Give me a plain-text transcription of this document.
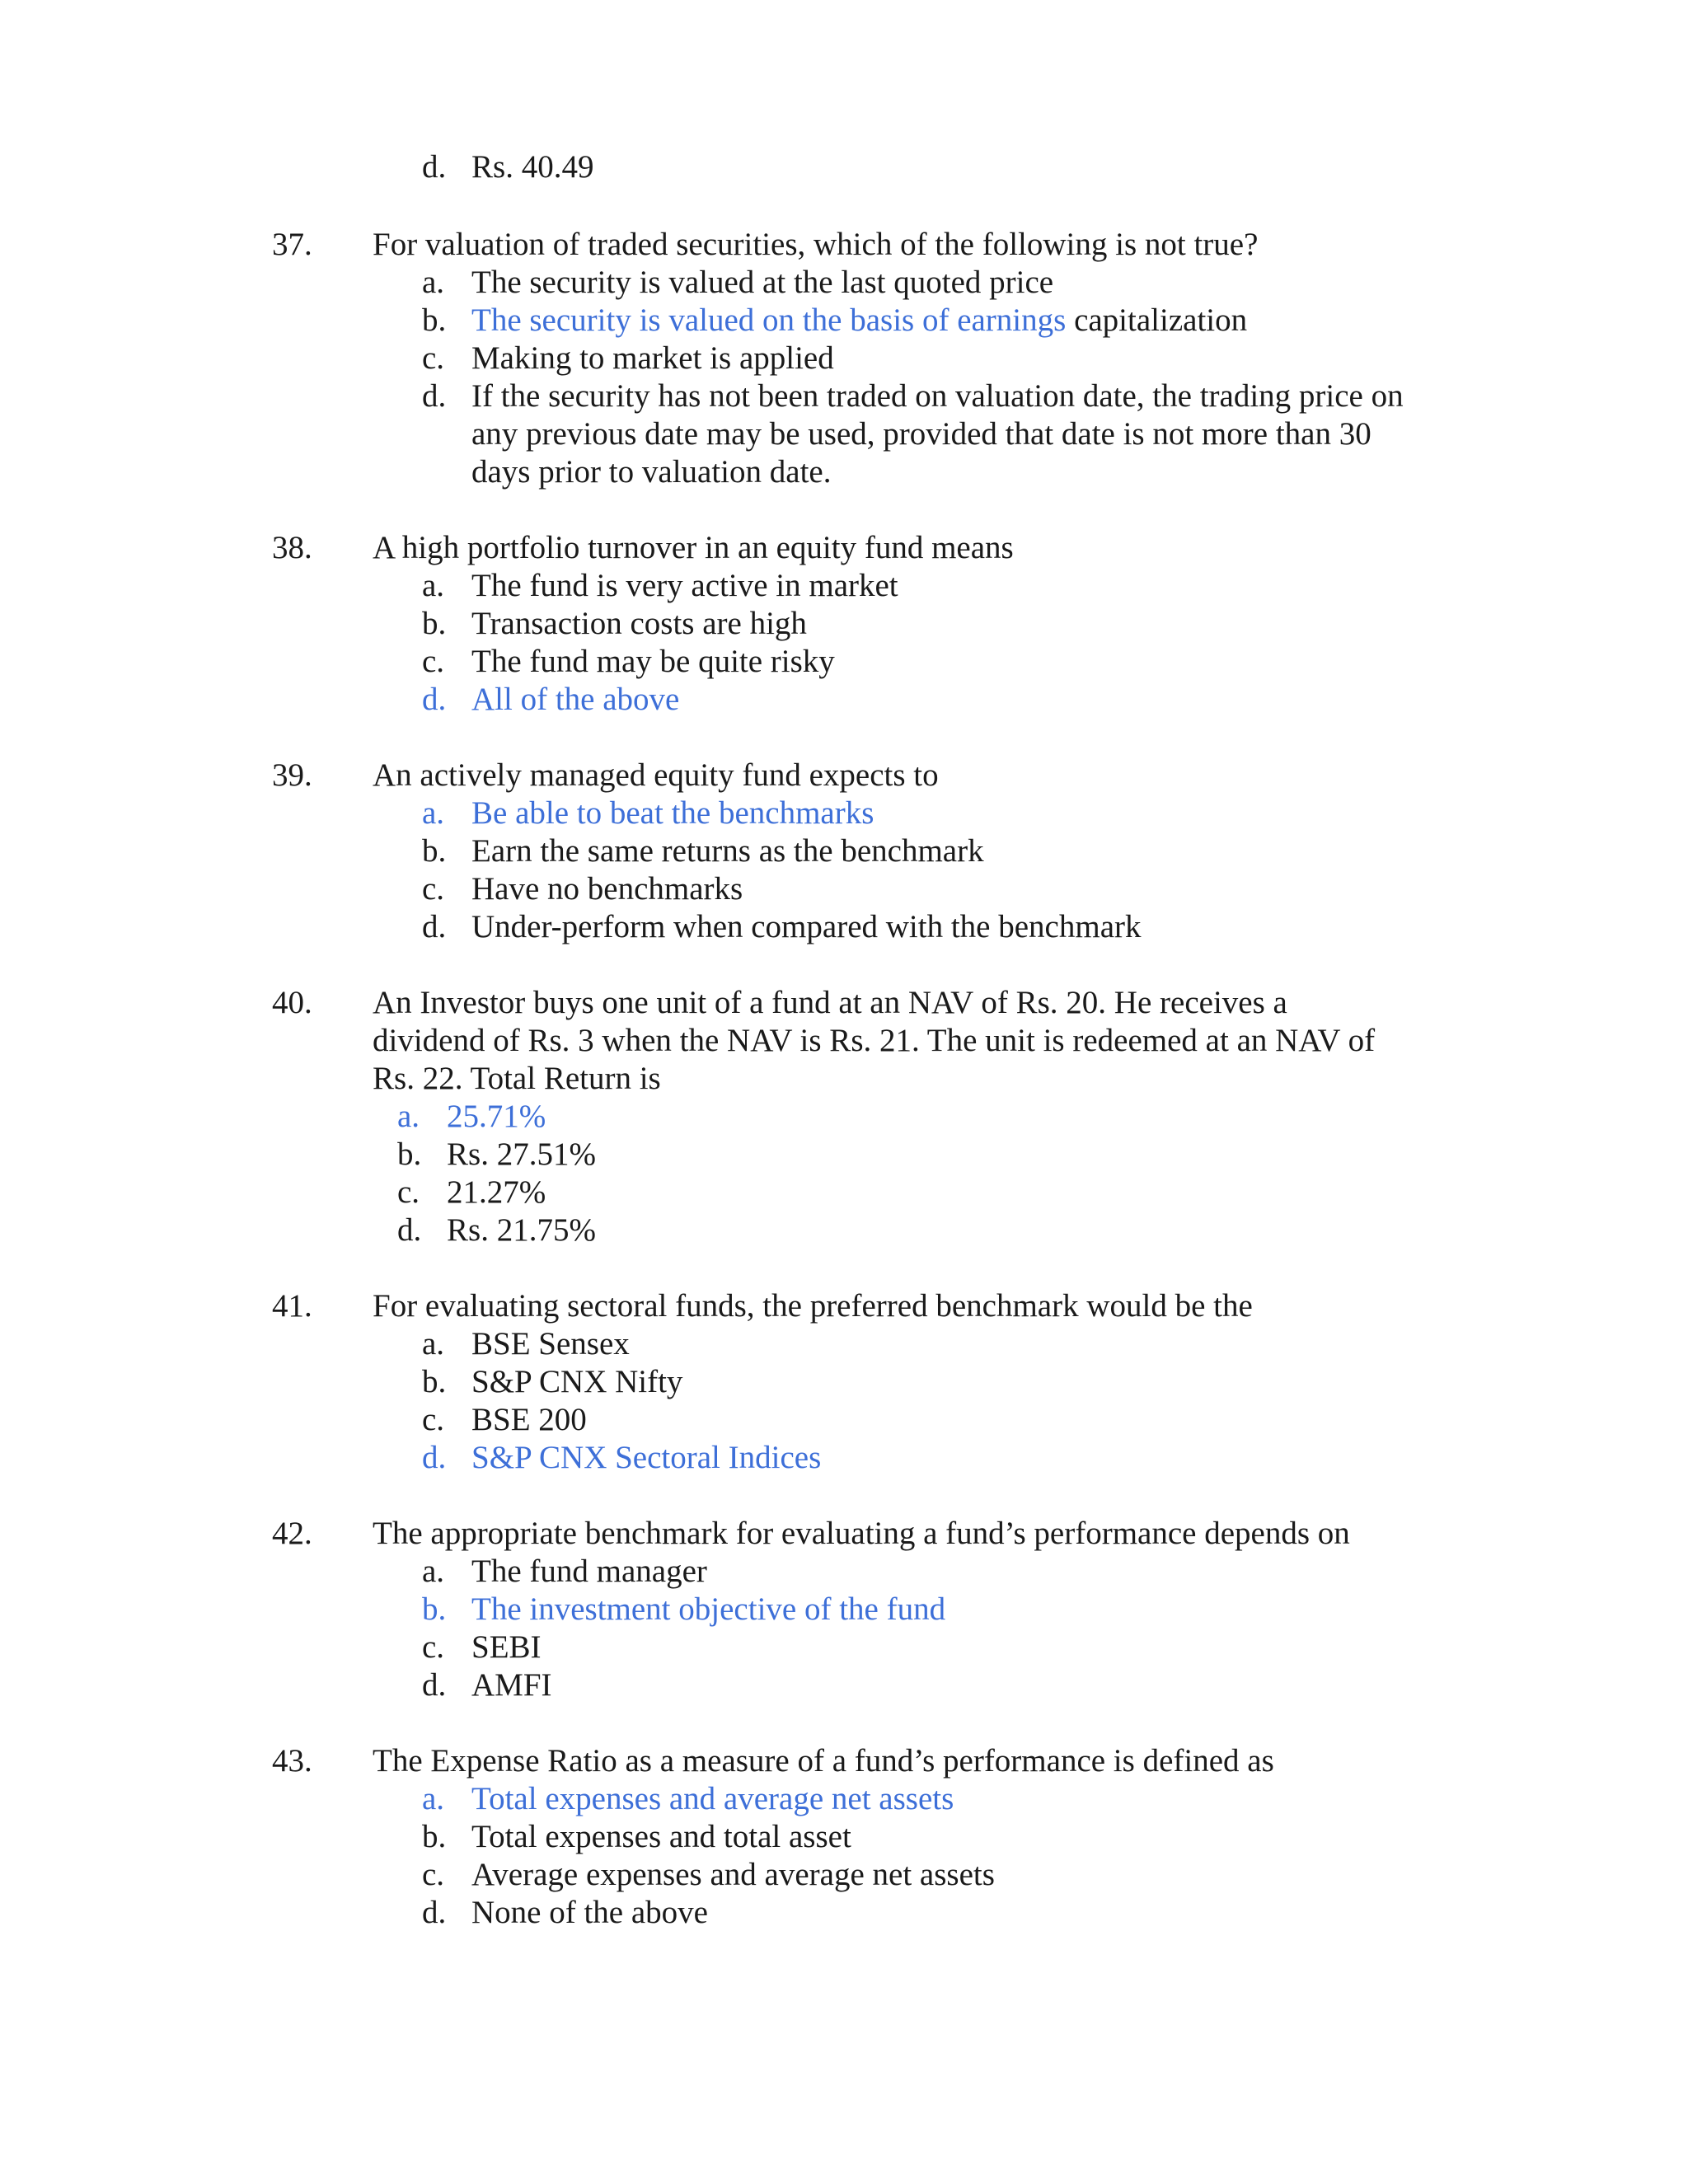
d. Rs. 40.49
37. For valuation of traded securities, which of the following is not true?
a. The security is valued at the last quoted price
b. The security is valued on the basis of earnings capitalization
c. Making to market is applied
d. If the security has not been traded on valuation date, the trading price on
any previous date may be used, provided that date is not more than 30
days prior to valuation date.
38. A high portfolio turnover in an equity fund means
a. The fund is very active in market
b. Transaction costs are high
c. The fund may be quite risky
d. All of the above
39. An actively managed equity fund expects to
a. Be able to beat the benchmarks
b. Earn the same returns as the benchmark
c. Have no benchmarks
d. Under-perform when compared with the benchmark
40. An Investor buys one unit of a fund at an NAV of Rs. 20. He receives a
dividend of Rs. 3 when the NAV is Rs. 21. The unit is redeemed at an NAV of
Rs. 22. Total Return is
a. 25.71%
b. Rs. 27.51%
c. 21.27%
d. Rs. 21.75%
41. For evaluating sectoral funds, the preferred benchmark would be the
a. BSE Sensex
b. S&P CNX Nifty
c. BSE 200
d. S&P CNX Sectoral Indices
42. The appropriate benchmark for evaluating a fund’s performance depends on
a. The fund manager
b. The investment objective of the fund
c. SEBI
d. AMFI
43. The Expense Ratio as a measure of a fund’s performance is defined as
a. Total expenses and average net assets
b. Total expenses and total asset
c. Average expenses and average net assets
d. None of the above
